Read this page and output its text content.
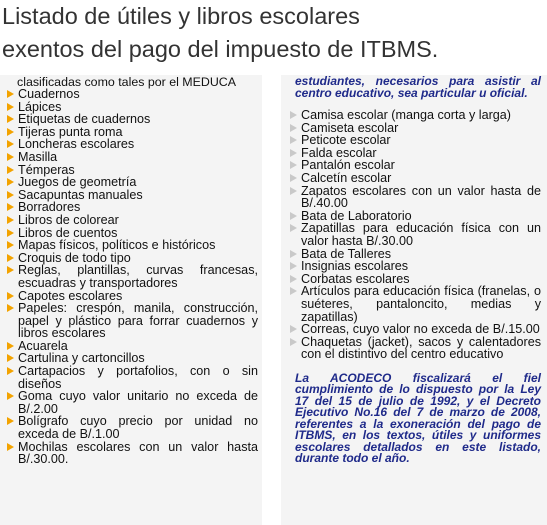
Listado de útiles y libros escolares
exentos del pago del impuesto de ITBMS.
clasificadas como tales por el MEDUCA
Cuadernos
Lápices
Etiquetas de cuadernos
Tijeras punta roma
Loncheras escolares
Masilla
Témperas
Juegos de geometría
Sacapuntas manuales
Borradores
Libros de colorear
Libros de cuentos
Mapas físicos, políticos e históricos
Croquis de todo tipo
Reglas, plantillas, curvas francesas, escuadras y transportadores
Capotes escolares
Papeles: crespón, manila, construcción, papel y plástico para forrar cuadernos y libros escolares
Acuarela
Cartulina y cartoncillos
Cartapacios y portafolios, con o sin diseños
Goma cuyo valor unitario no exceda de B/.2.00
Bolígrafo cuyo precio por unidad no exceda de B/.1.00
Mochilas escolares con un valor hasta B/.30.00.
estudiantes, necesarios para asistir al centro educativo, sea particular u oficial.
Camisa escolar (manga corta y larga)
Camiseta escolar
Peticote escolar
Falda escolar
Pantalón escolar
Calcetín escolar
Zapatos escolares con un valor hasta de B/.40.00
Bata de Laboratorio
Zapatillas para educación física con un valor hasta B/.30.00
Bata de Talleres
Insignias escolares
Corbatas escolares
Artículos para educación física (franelas, o suéteres, pantaloncito, medias y zapatillas)
Correas, cuyo valor no exceda de B/.15.00
Chaquetas (jacket), sacos y calentadores con el distintivo del centro educativo
La ACODECO fiscalizará el fiel cumplimiento de lo dispuesto por la Ley 17 del 15 de julio de 1992, y el Decreto Ejecutivo No.16 del 7 de marzo de 2008, referentes a la exoneración del pago de ITBMS, en los textos, útiles y uniformes escolares detallados en este listado, durante todo el año.
